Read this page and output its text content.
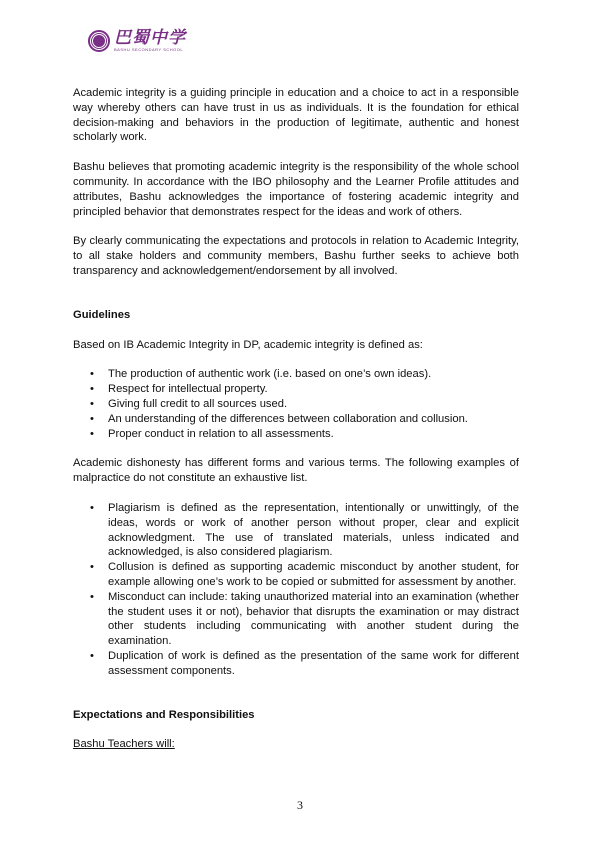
巴蜀中学
BASHU SECONDARY SCHOOL

Academic integrity is a guiding principle in education and a choice to act in a responsible way whereby others can have trust in us as individuals. It is the foundation for ethical decision-making and behaviors in the production of legitimate, authentic and honest scholarly work.

Bashu believes that promoting academic integrity is the responsibility of the whole school community. In accordance with the IBO philosophy and the Learner Profile attitudes and attributes, Bashu acknowledges the importance of fostering academic integrity and principled behavior that demonstrates respect for the ideas and work of others.

By clearly communicating the expectations and protocols in relation to Academic Integrity, to all stake holders and community members, Bashu further seeks to achieve both transparency and acknowledgement/endorsement by all involved.

Guidelines

Based on IB Academic Integrity in DP, academic integrity is defined as:

• The production of authentic work (i.e. based on one’s own ideas).
• Respect for intellectual property.
• Giving full credit to all sources used.
• An understanding of the differences between collaboration and collusion.
• Proper conduct in relation to all assessments.

Academic dishonesty has different forms and various terms. The following examples of malpractice do not constitute an exhaustive list.

• Plagiarism is defined as the representation, intentionally or unwittingly, of the ideas, words or work of another person without proper, clear and explicit acknowledgment. The use of translated materials, unless indicated and acknowledged, is also considered plagiarism.
• Collusion is defined as supporting academic misconduct by another student, for example allowing one’s work to be copied or submitted for assessment by another.
• Misconduct can include: taking unauthorized material into an examination (whether the student uses it or not), behavior that disrupts the examination or may distract other students including communicating with another student during the examination.
• Duplication of work is defined as the presentation of the same work for different assessment components.
Expectations and Responsibilities
Bashu Teachers will:
3
